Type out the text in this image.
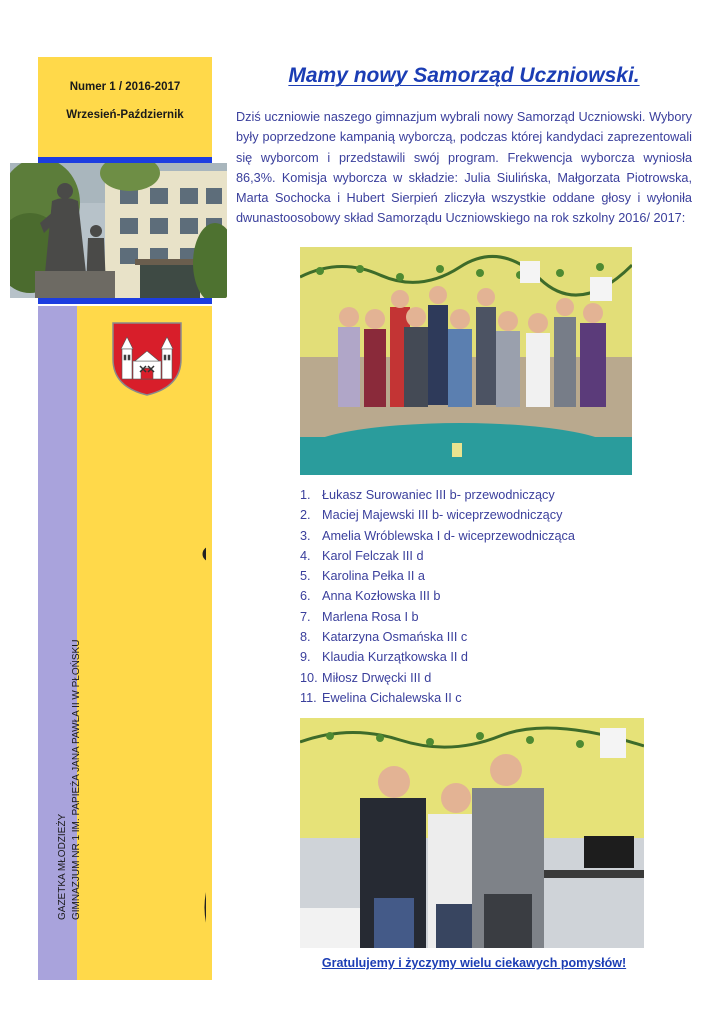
Numer 1 / 2016-2017
Wrzesień-Październik
GAZETKA MŁODZIEŻY GIMNAZJUM NR 1 IM. PAPIEŻA JANA PAWŁA II W PŁOŃSKU
Mamy nowy Samorząd Uczniowski.
Dziś uczniowie naszego gimnazjum wybrali nowy Samorząd Uczniowski. Wybory były poprzedzone kampanią wyborczą, podczas której kandydaci zaprezentowali się wyborcom i przedstawili swój program. Frekwencja wyborcza wyniosła 86,3%. Komisja wyborcza w składzie: Julia Siulińska, Małgorzata Piotrowska, Marta Sochocka i Hubert Sierpień zliczyła wszystkie oddane głosy i wyłoniła dwunastoosobowy skład Samorządu Uczniowskiego na rok szkolny 2016/ 2017:
1. Łukasz Surowaniec III b- przewodniczący
2. Maciej Majewski III b- wiceprzewodniczący
3. Amelia Wróblewska I d- wiceprzewodnicząca
4. Karol Felczak III d
5. Karolina Pełka II a
6. Anna Kozłowska III b
7. Marlena Rosa I b
8. Katarzyna Osmańska III c
9. Klaudia Kurzątkowska II d
10. Miłosz Drwęcki III d
11. Ewelina Cichalewska II c
Gratulujemy i życzymy wielu ciekawych pomysłów!
